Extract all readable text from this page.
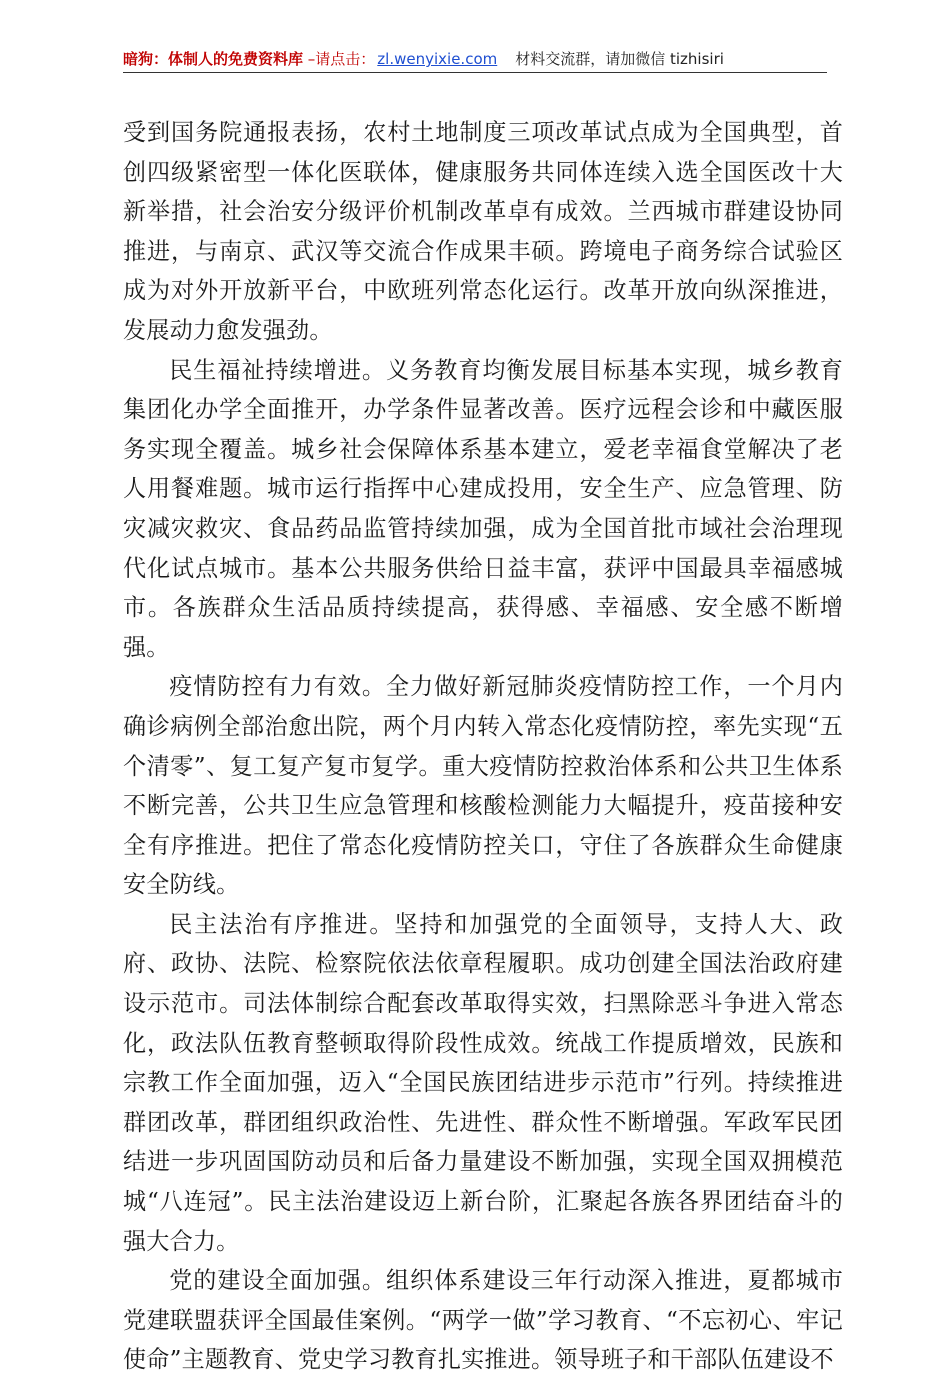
暗狗：体制人的免费资料库 –请点击： zl.wenyixie.com 材料交流群，请加微信 tizhisiri

受到国务院通报表扬，农村土地制度三项改革试点成为全国典型，首创四级紧密型一体化医联体，健康服务共同体连续入选全国医改十大新举措，社会治安分级评价机制改革卓有成效。兰西城市群建设协同推进，与南京、武汉等交流合作成果丰硕。跨境电子商务综合试验区成为对外开放新平台，中欧班列常态化运行。改革开放向纵深推进，发展动力愈发强劲。

民生福祉持续增进。义务教育均衡发展目标基本实现，城乡教育集团化办学全面推开，办学条件显著改善。医疗远程会诊和中藏医服务实现全覆盖。城乡社会保障体系基本建立，爱老幸福食堂解决了老人用餐难题。城市运行指挥中心建成投用，安全生产、应急管理、防灾减灾救灾、食品药品监管持续加强，成为全国首批市域社会治理现代化试点城市。基本公共服务供给日益丰富，获评中国最具幸福感城市。各族群众生活品质持续提高，获得感、幸福感、安全感不断增强。

疫情防控有力有效。全力做好新冠肺炎疫情防控工作，一个月内确诊病例全部治愈出院，两个月内转入常态化疫情防控，率先实现“五个清零”、复工复产复市复学。重大疫情防控救治体系和公共卫生体系不断完善，公共卫生应急管理和核酸检测能力大幅提升，疫苗接种安全有序推进。把住了常态化疫情防控关口，守住了各族群众生命健康安全防线。

民主法治有序推进。坚持和加强党的全面领导，支持人大、政府、政协、法院、检察院依法依章程履职。成功创建全国法治政府建设示范市。司法体制综合配套改革取得实效，扫黑除恶斗争进入常态化，政法队伍教育整顿取得阶段性成效。统战工作提质增效，民族和宗教工作全面加强，迈入“全国民族团结进步示范市”行列。持续推进群团改革，群团组织政治性、先进性、群众性不断增强。军政军民团结进一步巩固国防动员和后备力量建设不断加强，实现全国双拥模范城“八连冠”。民主法治建设迈上新台阶，汇聚起各族各界团结奋斗的强大合力。

党的建设全面加强。组织体系建设三年行动深入推进，夏都城市党建联盟获评全国最佳案例。“两学一做”学习教育、“不忘初心、牢记使命”主题教育、党史学习教育扎实推进。领导班子和干部队伍建设不
